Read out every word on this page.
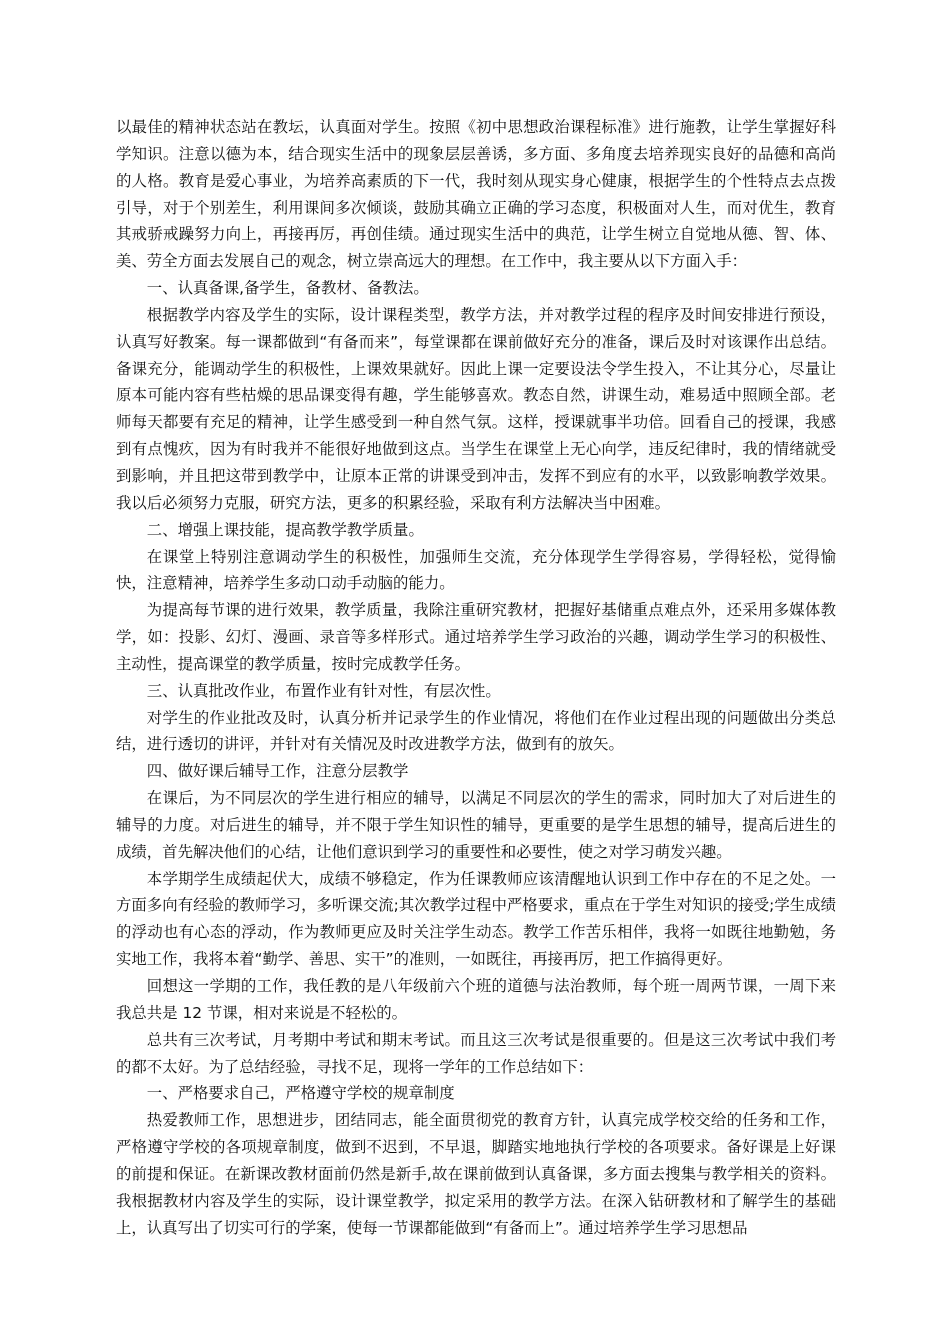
以最佳的精神状态站在教坛，认真面对学生。按照《初中思想政治课程标准》进行施教，让学生掌握好科学知识。注意以德为本，结合现实生活中的现象层层善诱，多方面、多角度去培养现实良好的品德和高尚的人格。教育是爱心事业，为培养高素质的下一代，我时刻从现实身心健康，根据学生的个性特点去点拨引导，对于个别差生，利用课间多次倾谈，鼓励其确立正确的学习态度，积极面对人生，而对优生，教育其戒骄戒躁努力向上，再接再厉，再创佳绩。通过现实生活中的典范，让学生树立自觉地从德、智、体、美、劳全方面去发展自己的观念，树立崇高远大的理想。在工作中，我主要从以下方面入手：

一、认真备课,备学生，备教材、备教法。

根据教学内容及学生的实际，设计课程类型，教学方法，并对教学过程的程序及时间安排进行预设，认真写好教案。每一课都做到“有备而来”，每堂课都在课前做好充分的准备，课后及时对该课作出总结。备课充分，能调动学生的积极性，上课效果就好。因此上课一定要设法令学生投入，不让其分心，尽量让原本可能内容有些枯燥的思品课变得有趣，学生能够喜欢。教态自然，讲课生动，难易适中照顾全部。老师每天都要有充足的精神，让学生感受到一种自然气氛。这样，授课就事半功倍。回看自己的授课，我感到有点愧疚，因为有时我并不能很好地做到这点。当学生在课堂上无心向学，违反纪律时，我的情绪就受到影响，并且把这带到教学中，让原本正常的讲课受到冲击，发挥不到应有的水平，以致影响教学效果。我以后必须努力克服，研究方法，更多的积累经验，采取有利方法解决当中困难。

二、增强上课技能，提高教学教学质量。

在课堂上特别注意调动学生的积极性，加强师生交流，充分体现学生学得容易，学得轻松，觉得愉快，注意精神，培养学生多动口动手动脑的能力。

为提高每节课的进行效果，教学质量，我除注重研究教材，把握好基储重点难点外，还采用多媒体教学，如：投影、幻灯、漫画、录音等多样形式。通过培养学生学习政治的兴趣，调动学生学习的积极性、主动性，提高课堂的教学质量，按时完成教学任务。

三、认真批改作业，布置作业有针对性，有层次性。

对学生的作业批改及时，认真分析并记录学生的作业情况，将他们在作业过程出现的问题做出分类总结，进行透切的讲评，并针对有关情况及时改进教学方法，做到有的放矢。

四、做好课后辅导工作，注意分层教学

在课后，为不同层次的学生进行相应的辅导，以满足不同层次的学生的需求，同时加大了对后进生的辅导的力度。对后进生的辅导，并不限于学生知识性的辅导，更重要的是学生思想的辅导，提高后进生的成绩，首先解决他们的心结，让他们意识到学习的重要性和必要性，使之对学习萌发兴趣。

本学期学生成绩起伏大，成绩不够稳定，作为任课教师应该清醒地认识到工作中存在的不足之处。一方面多向有经验的教师学习，多听课交流;其次教学过程中严格要求，重点在于学生对知识的接受;学生成绩的浮动也有心态的浮动，作为教师更应及时关注学生动态。教学工作苦乐相伴，我将一如既往地勤勉，务实地工作，我将本着“勤学、善思、实干”的准则，一如既往，再接再厉，把工作搞得更好。

回想这一学期的工作，我任教的是八年级前六个班的道德与法治教师，每个班一周两节课，一周下来我总共是 12 节课，相对来说是不轻松的。

总共有三次考试，月考期中考试和期末考试。而且这三次考试是很重要的。但是这三次考试中我们考的都不太好。为了总结经验，寻找不足，现将一学年的工作总结如下：

一、严格要求自己，严格遵守学校的规章制度

热爱教师工作，思想进步，团结同志，能全面贯彻党的教育方针，认真完成学校交给的任务和工作，严格遵守学校的各项规章制度，做到不迟到，不早退，脚踏实地地执行学校的各项要求。备好课是上好课的前提和保证。在新课改教材面前仍然是新手,故在课前做到认真备课，多方面去搜集与教学相关的资料。我根据教材内容及学生的实际，设计课堂教学，拟定采用的教学方法。在深入钻研教材和了解学生的基础上，认真写出了切实可行的学案，使每一节课都能做到“有备而上”。通过培养学生学习思想品
